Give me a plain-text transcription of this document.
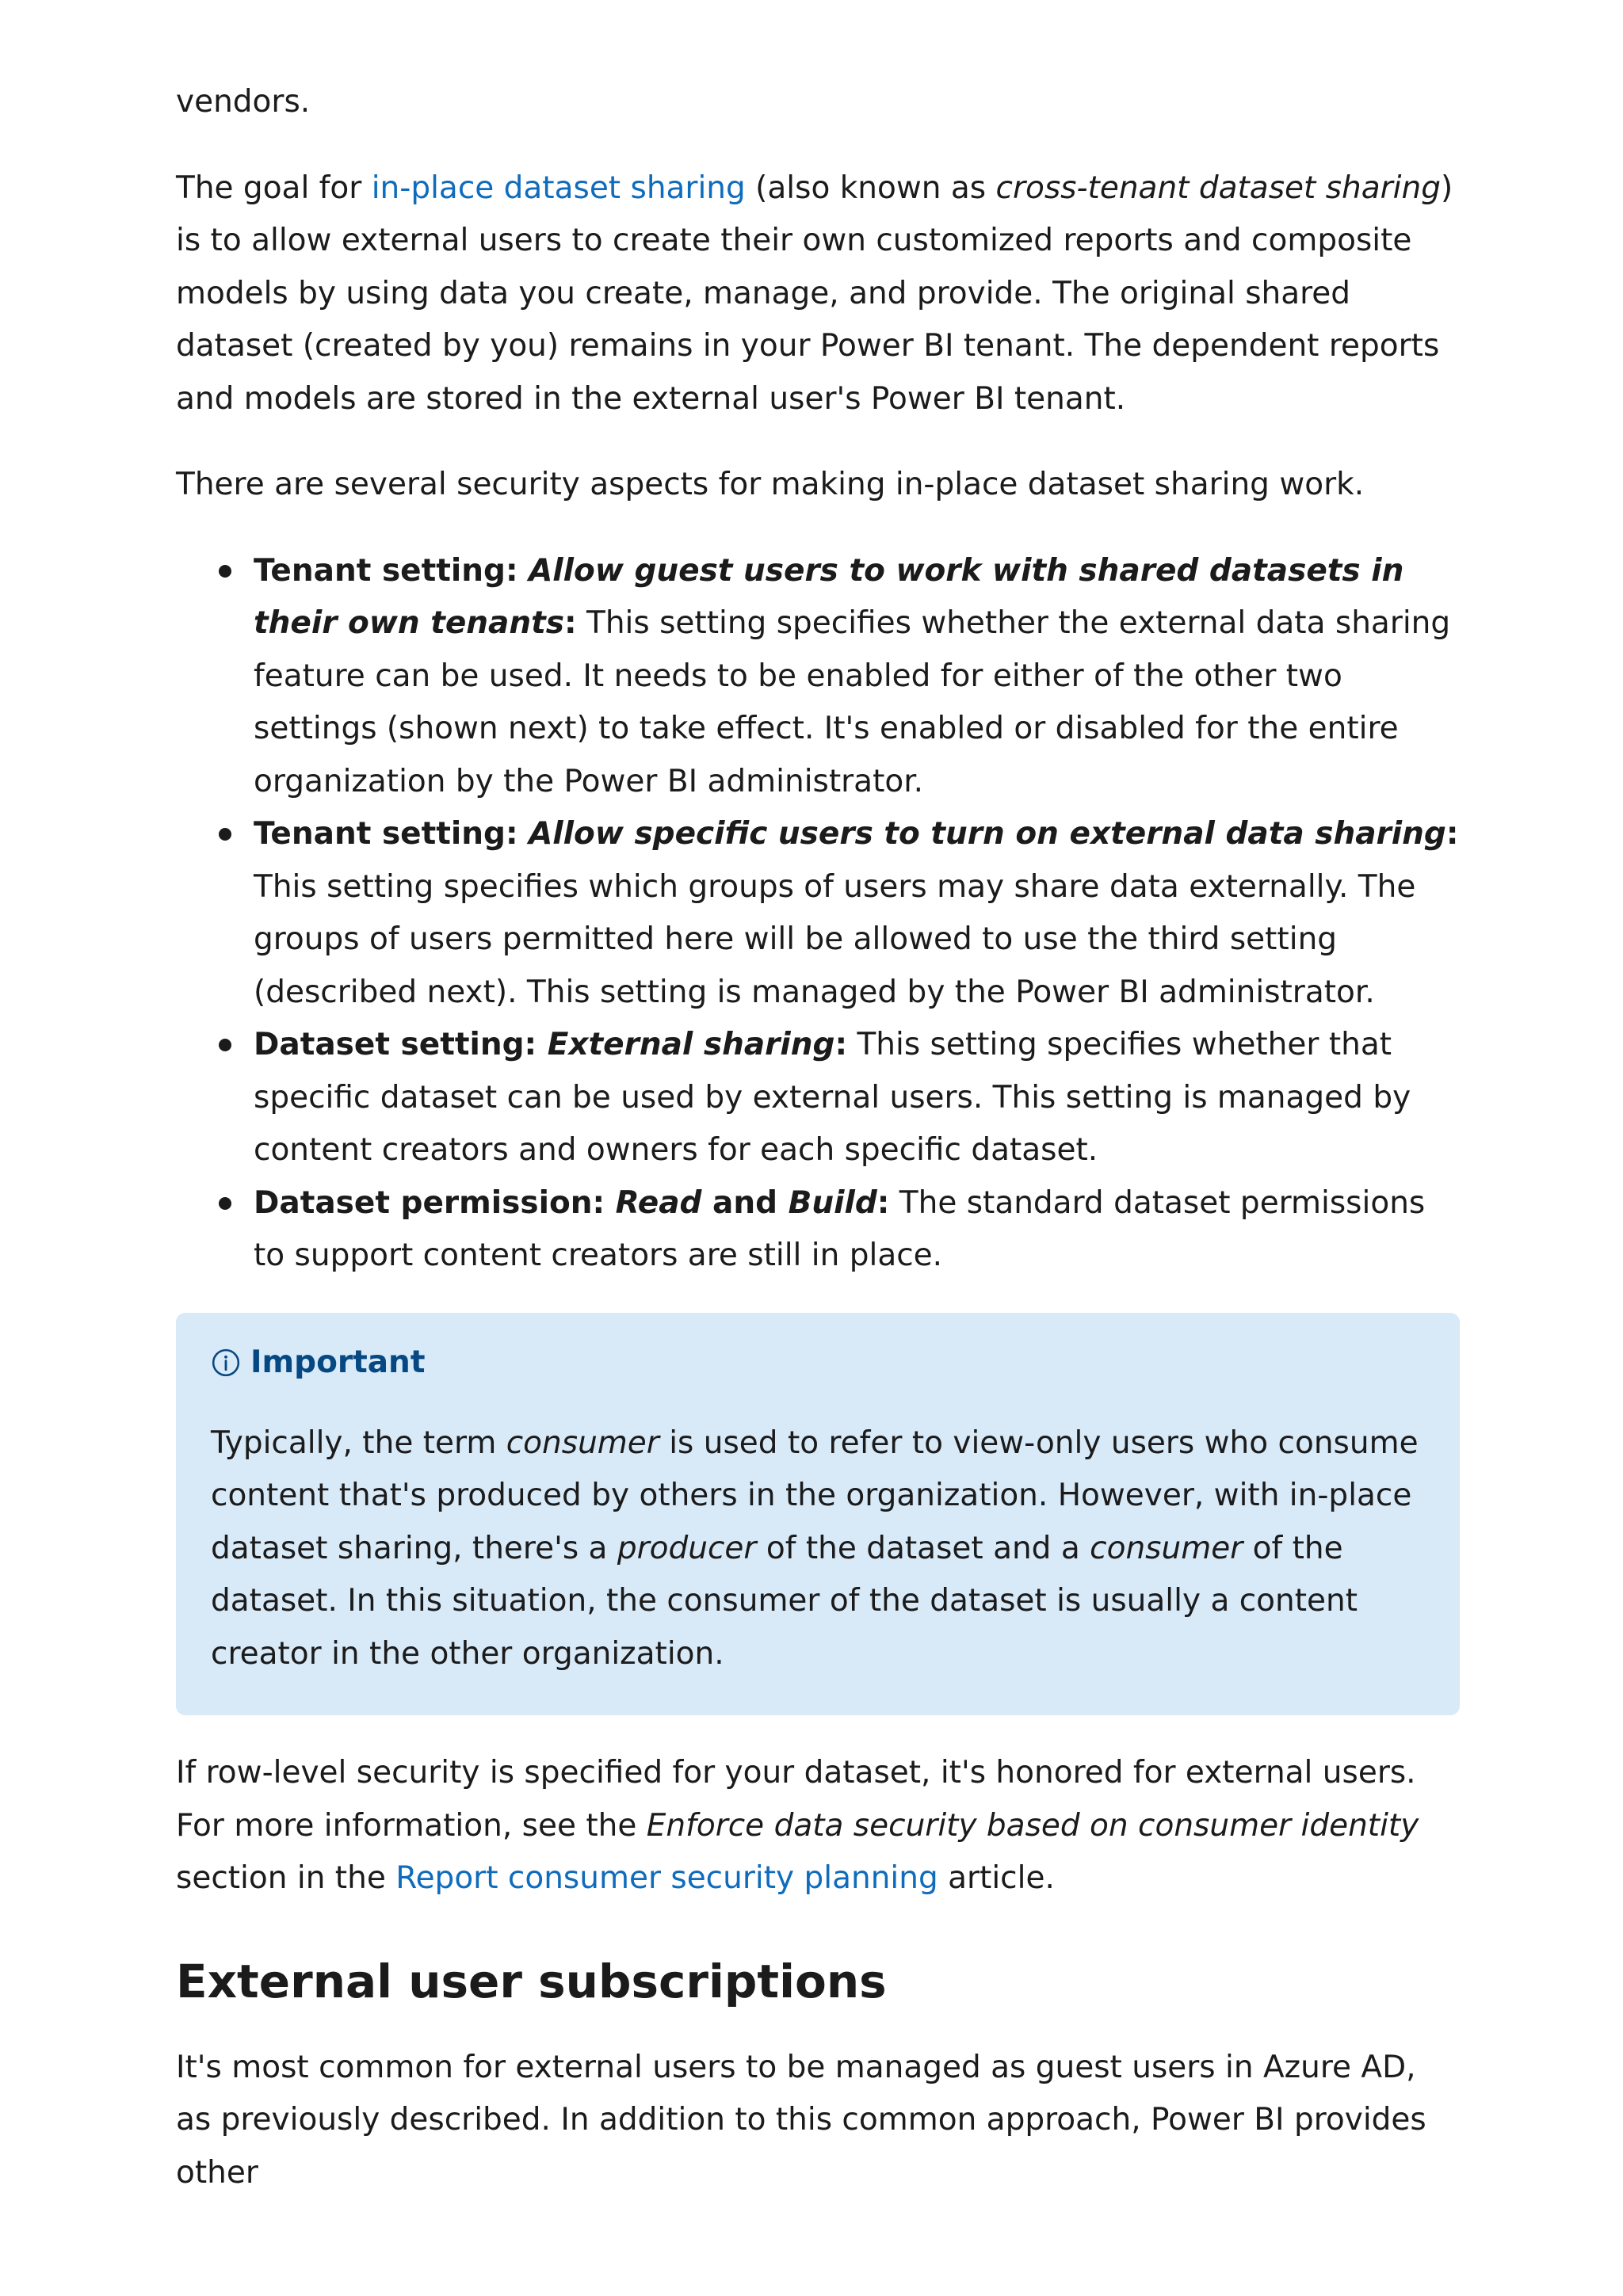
vendors.

The goal for in-place dataset sharing (also known as cross-tenant dataset sharing) is to allow external users to create their own customized reports and composite models by using data you create, manage, and provide. The original shared dataset (created by you) remains in your Power BI tenant. The dependent reports and models are stored in the external user's Power BI tenant.

There are several security aspects for making in-place dataset sharing work.

Tenant setting: Allow guest users to work with shared datasets in their own tenants: This setting specifies whether the external data sharing feature can be used. It needs to be enabled for either of the other two settings (shown next) to take effect. It's enabled or disabled for the entire organization by the Power BI administrator.
Tenant setting: Allow specific users to turn on external data sharing: This setting specifies which groups of users may share data externally. The groups of users permitted here will be allowed to use the third setting (described next). This setting is managed by the Power BI administrator.
Dataset setting: External sharing: This setting specifies whether that specific dataset can be used by external users. This setting is managed by content creators and owners for each specific dataset.
Dataset permission: Read and Build: The standard dataset permissions to support content creators are still in place.
Important

Typically, the term consumer is used to refer to view-only users who consume content that's produced by others in the organization. However, with in-place dataset sharing, there's a producer of the dataset and a consumer of the dataset. In this situation, the consumer of the dataset is usually a content creator in the other organization.

If row-level security is specified for your dataset, it's honored for external users. For more information, see the Enforce data security based on consumer identity section in the Report consumer security planning article.

External user subscriptions

It's most common for external users to be managed as guest users in Azure AD, as previously described. In addition to this common approach, Power BI provides other
